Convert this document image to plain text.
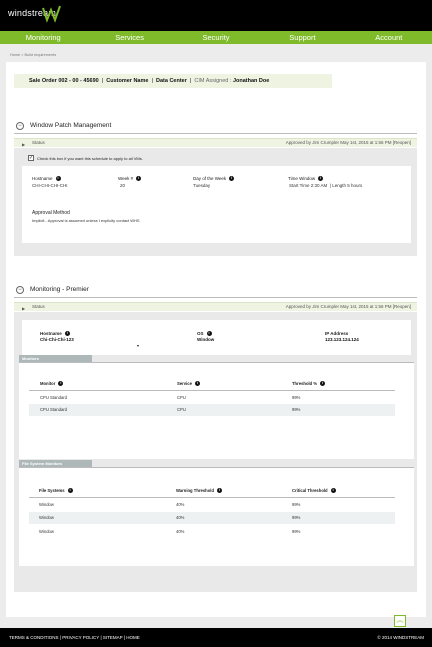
windstream
Monitoring	Services	Security	Support	Account
Home > Build requirements
Sale Order 002 - 00 - 45690  |  Customer Name  |  Data Center  |  CIM Assigned : Jonathan Doe
−	Window Patch Management
▶ Status	Approved by Jim Crumpler May 1st, 2015 at 1:56 PM [Reopen]
✓ Check this box if you want this schedule to apply to all VMs.
Hostname i
CHI-CHI-CHI-CHI
Week # i
20
Day of the Week i
Tuesday
Time Window i
Start Time 2:30 AM  | Length 5 hours
Approval Method
Implicit - Approval is assumed unless I explicity contact WHS
−	Monitoring - Premier
▶ Status	Approved by Jim Crumpler May 1st, 2015 at 1:56 PM [Reopen]
Hostname i
Chi-Chi-Chi-123
▾
OS i
Window
IP Address
123.123.124.124
Monitors
Monitor i	Service i	Threshold % i
CPU Standard	CPU	99%
CPU Standard	CPU	99%
File System Monitors
File Systems i	Warning Threshold i	Critical Threshold i
Window	40%	99%
Window	40%	99%
Window	40%	99%
︽
TERMS & CONDITIONS | PRIVACY POLICY | SITEMAP | HOME	© 2014 WINDSTREAM
